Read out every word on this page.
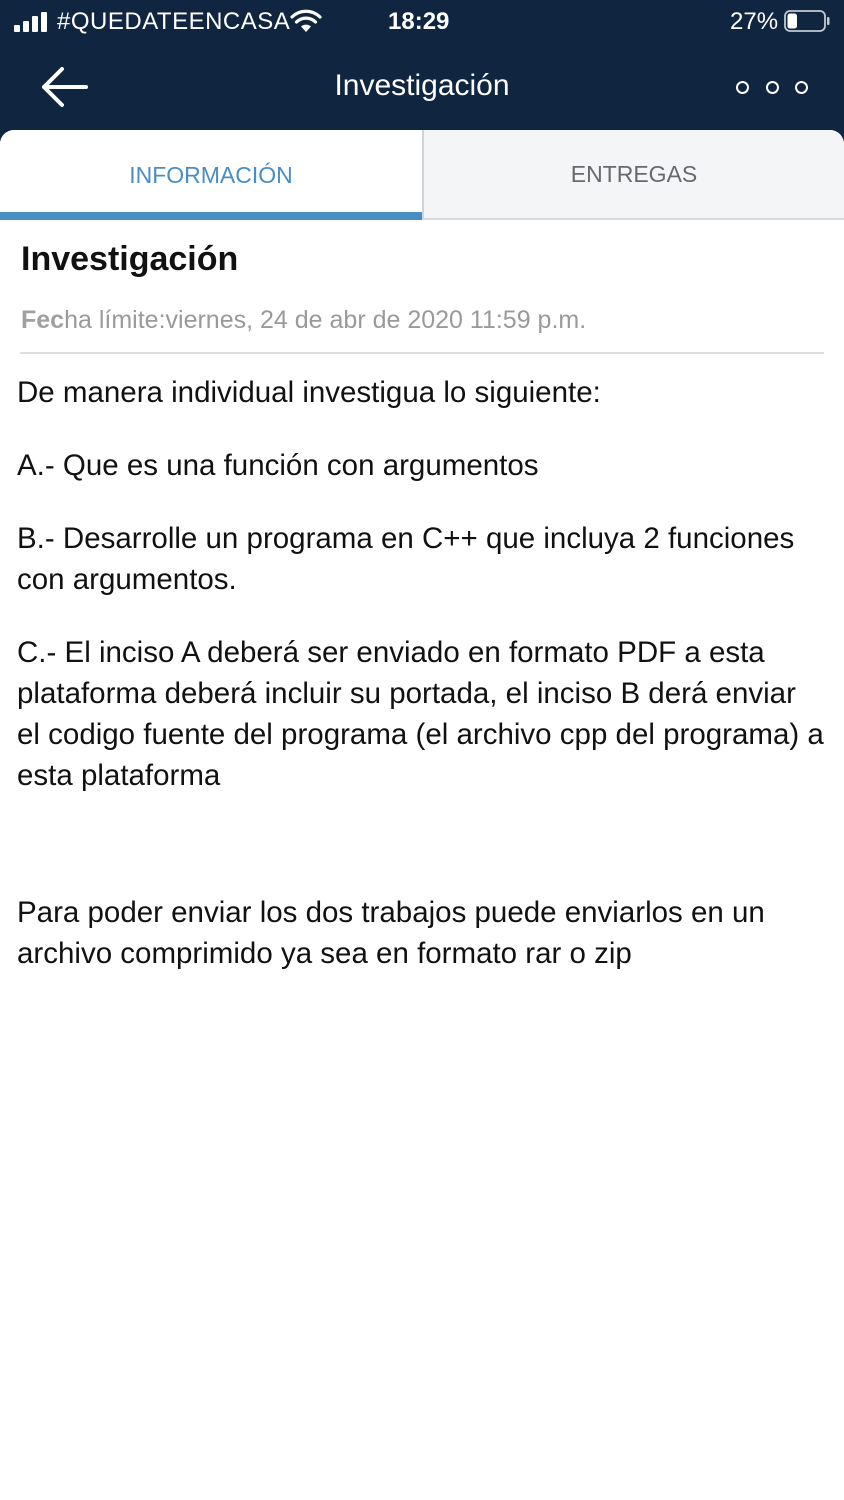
#QUEDATEENCASA	18:29	27%
Investigación
INFORMACIÓN	ENTREGAS
Investigación
Fecha límite:viernes, 24 de abr de 2020 11:59 p.m.

De manera individual investigua lo siguiente:

A.- Que es una función con argumentos

B.- Desarrolle un programa en C++ que incluya 2 funciones con argumentos.

C.- El inciso A deberá ser enviado en formato PDF a esta plataforma deberá incluir su portada, el inciso B derá enviar el codigo fuente del programa (el archivo cpp del programa) a esta plataforma

Para poder enviar los dos trabajos puede enviarlos en un archivo comprimido ya sea en formato rar o zip
